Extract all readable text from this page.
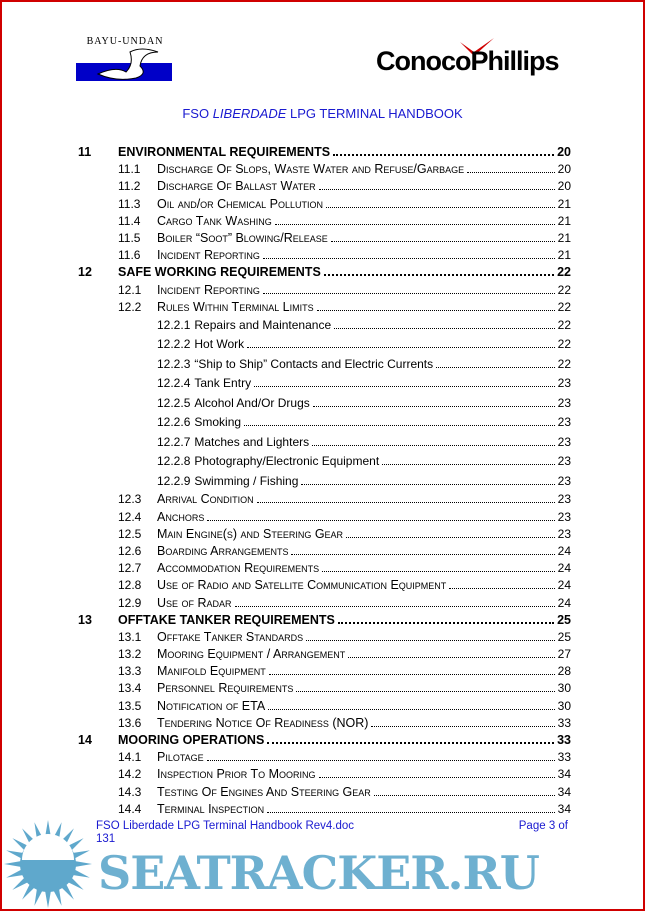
BAYU-UNDAN
ConocoPhillips
FSO LIBERDADE LPG TERMINAL HANDBOOK
11	ENVIRONMENTAL REQUIREMENTS	20
11.1	Discharge Of Slops, Waste Water and Refuse/Garbage	20
11.2	Discharge Of Ballast Water	20
11.3	Oil and/or Chemical Pollution	21
11.4	Cargo Tank Washing	21
11.5	Boiler “Soot” Blowing/Release	21
11.6	Incident Reporting	21
12	SAFE WORKING REQUIREMENTS	22
12.1	Incident Reporting	22
12.2	Rules Within Terminal Limits	22
12.2.1 Repairs and Maintenance	22
12.2.2 Hot Work	22
12.2.3 “Ship to Ship” Contacts and Electric Currents	22
12.2.4 Tank Entry	23
12.2.5 Alcohol And/Or Drugs	23
12.2.6 Smoking	23
12.2.7 Matches and Lighters	23
12.2.8 Photography/Electronic Equipment	23
12.2.9 Swimming / Fishing	23
12.3	Arrival Condition	23
12.4	Anchors	23
12.5	Main Engine(s) and Steering Gear	23
12.6	Boarding Arrangements	24
12.7	Accommodation Requirements	24
12.8	Use of Radio and Satellite Communication Equipment	24
12.9	Use of Radar	24
13	OFFTAKE TANKER REQUIREMENTS	25
13.1	Offtake Tanker Standards	25
13.2	Mooring Equipment / Arrangement	27
13.3	Manifold Equipment	28
13.4	Personnel Requirements	30
13.5	Notification of ETA	30
13.6	Tendering Notice Of Readiness (NOR)	33
14	MOORING OPERATIONS	33
14.1	Pilotage	33
14.2	Inspection Prior To Mooring	34
14.3	Testing Of Engines And Steering Gear	34
14.4	Terminal Inspection	34
FSO Liberdade LPG Terminal Handbook Rev4.doc	Page 3 of

131
SEATRACKER.RU
